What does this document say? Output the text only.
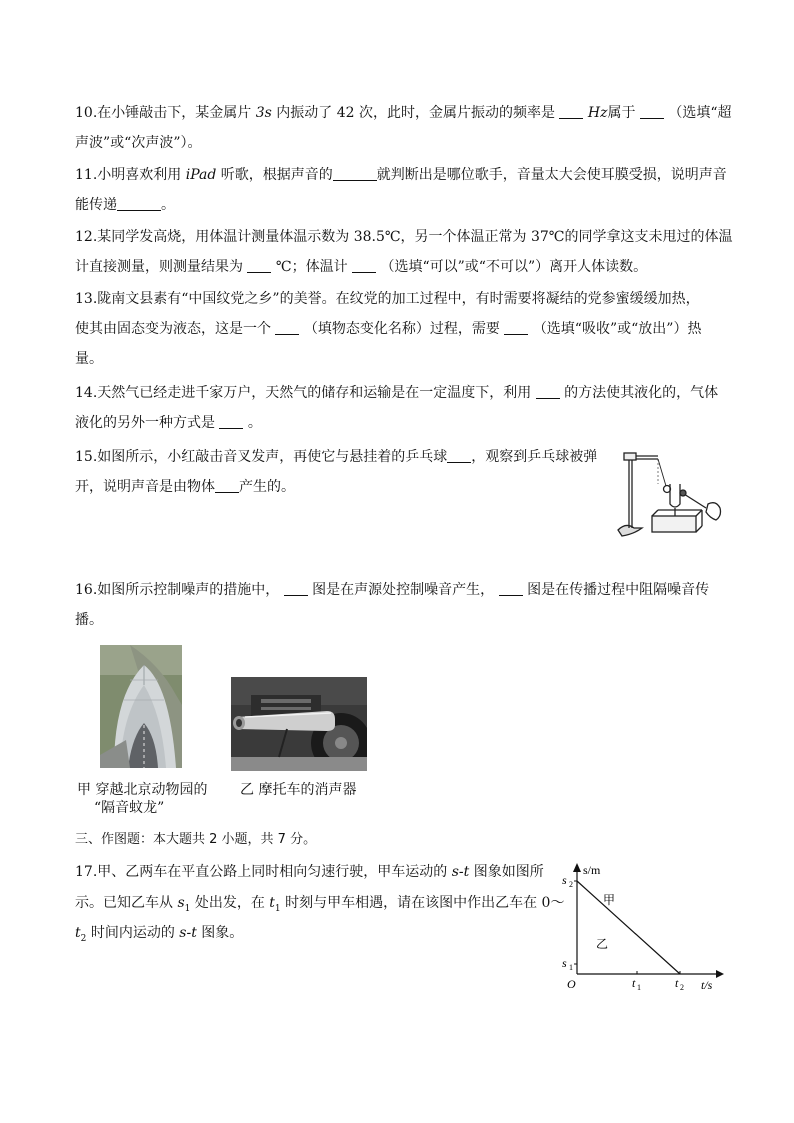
10.在小锤敲击下，某金属片 3s 内振动了 42 次，此时，金属片振动的频率是 Hz属于 （选填“超
声波”或“次声波”）。
11.小明喜欢利用 iPad 听歌，根据声音的	就判断出是哪位歌手，音量太大会使耳膜受损，说明声音
能传递	。
12.某同学发高烧，用体温计测量体温示数为 38.5℃，另一个体温正常为 37℃的同学拿这支未甩过的体温
计直接测量，则测量结果为 ℃；体温计 （选填“可以”或“不可以”）离开人体读数。
13.陇南文县素有“中国纹党之乡”的美誉。在纹党的加工过程中，有时需要将凝结的党参蜜缓缓加热，
使其由固态变为液态，这是一个 （填物态变化名称）过程，需要 （选填“吸收”或“放出”）热
量。
14.天然气已经走进千家万户，天然气的储存和运输是在一定温度下，利用 的方法使其液化的，气体
液化的另外一种方式是 。
15.如图所示，小红敲击音叉发声，再使它与悬挂着的乒乓球 ，观察到乒乓球被弹
开，说明声音是由物体 产生的。
16.如图所示控制噪声的措施中， 图是在声源处控制噪音产生， 图是在传播过程中阻隔噪音传
播。
甲 穿越北京动物园的
“隔音蚊龙”
乙 摩托车的消声器
三、作图题：本大题共 2 小题，共 7 分。
17.甲、乙两车在平直公路上同时相向匀速行驶，甲车运动的 s-t 图象如图所
示。已知乙车从 $s_1$ 处出发，在 $t_1$ 时刻与甲车相遇，请在该图中作出乙车在 0～
$t_2$ 时间内运动的 s-t 图象。
s/m
t/s
O
s 2
s 1
t 1	t 2
甲
乙
